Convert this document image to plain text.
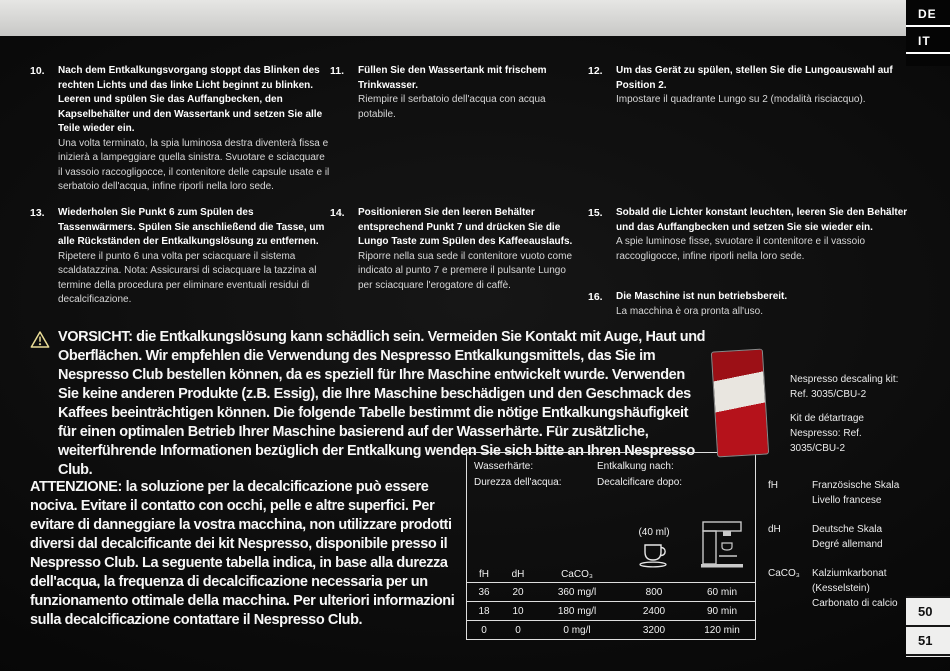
DE
IT
10.	Nach dem Entkalkungsvorgang stoppt das Blinken des rechten Lichts und das linke Licht beginnt zu blinken. Leeren und spülen Sie das Auffangbecken, den Kapselbehälter und den Wassertank und setzen Sie alle Teile wieder ein.
Una volta terminato, la spia luminosa destra diventerà fissa e inizierà a lampeggiare quella sinistra. Svuotare e sciacquare il vassoio raccogligocce, il contenitore delle capsule usate e il serbatoio dell'acqua, infine riporli nella loro sede.
11.	Füllen Sie den Wassertank mit frischem Trinkwasser.
Riempire il serbatoio dell'acqua con acqua potabile.
12.	Um das Gerät zu spülen, stellen Sie die Lungoauswahl auf Position 2.
Impostare il quadrante Lungo su 2 (modalità risciacquo).
13.	Wiederholen Sie Punkt 6 zum Spülen des Tassenwärmers. Spülen Sie anschließend die Tasse, um alle Rückständen der Entkalkungslösung zu entfernen.
Ripetere il punto 6 una volta per sciacquare il sistema scaldatazzina. Nota: Assicurarsi di sciacquare la tazzina al termine della procedura per eliminare eventuali residui di decalcificazione.
14.	Positionieren Sie den leeren Behälter entsprechend Punkt 7 und drücken Sie die Lungo Taste zum Spülen des Kaffeeauslaufs.
Riporre nella sua sede il contenitore vuoto come indicato al punto 7 e premere il pulsante Lungo per sciacquare l'erogatore di caffè.
15.	Sobald die Lichter konstant leuchten, leeren Sie den Behälter und das Auffangbecken und setzen Sie sie wieder ein.
A spie luminose fisse, svuotare il contenitore e il vassoio raccogligocce, infine riporli nella loro sede.
16.	Die Maschine ist nun betriebsbereit.
La macchina è ora pronta all'uso.
VORSICHT: die Entkalkungslösung kann schädlich sein. Vermeiden Sie Kontakt mit Auge, Haut und Oberflächen. Wir empfehlen die Verwendung des Nespresso Entkalkungsmittels, das Sie im Nespresso Club bestellen können, da es speziell für Ihre Maschine entwickelt wurde. Verwenden Sie keine anderen Produkte (z.B. Essig), die Ihre Maschine beschädigen und den Geschmack des Kaffees beeinträchtigen können. Die folgende Tabelle bestimmt die nötige Entkalkungshäufigkeit für einen optimalen Betrieb Ihrer Maschine basierend auf der Wasserhärte. Für zusätzliche, weiterführende Informationen bezüglich der Entkalkung wenden Sie sich bitte an Ihren Nespresso Club.
ATTENZIONE: la soluzione per la decalcificazione può essere nociva. Evitare il contatto con occhi, pelle e altre superfici. Per evitare di danneggiare la vostra macchina, non utilizzare prodotti diversi dal decalcificante dei kit Nespresso, disponibile presso il Nespresso Club. La seguente tabella indica, in base alla durezza dell'acqua, la frequenza di decalcificazione necessaria per un funzionamento ottimale della macchina. Per ulteriori informazioni sulla decalcificazione contattare il Nespresso Club.
Wasserhärte:
Durezza dell'acqua:
Entkalkung nach:
Decalcificare dopo:
(40 ml)
fH	dH	CaCO₃
36	20	360 mg/l	800	60 min
18	10	180 mg/l	2400	90 min
0	0	0 mg/l	3200	120 min
Nespresso descaling kit: Ref. 3035/CBU-2
Kit de détartrage Nespresso: Ref. 3035/CBU-2
fH	Französische Skala
Livello francese
dH	Deutsche Skala
Degré allemand
CaCO₃ Kalziumkarbonat (Kesselstein)
Carbonato di calcio
50
51
